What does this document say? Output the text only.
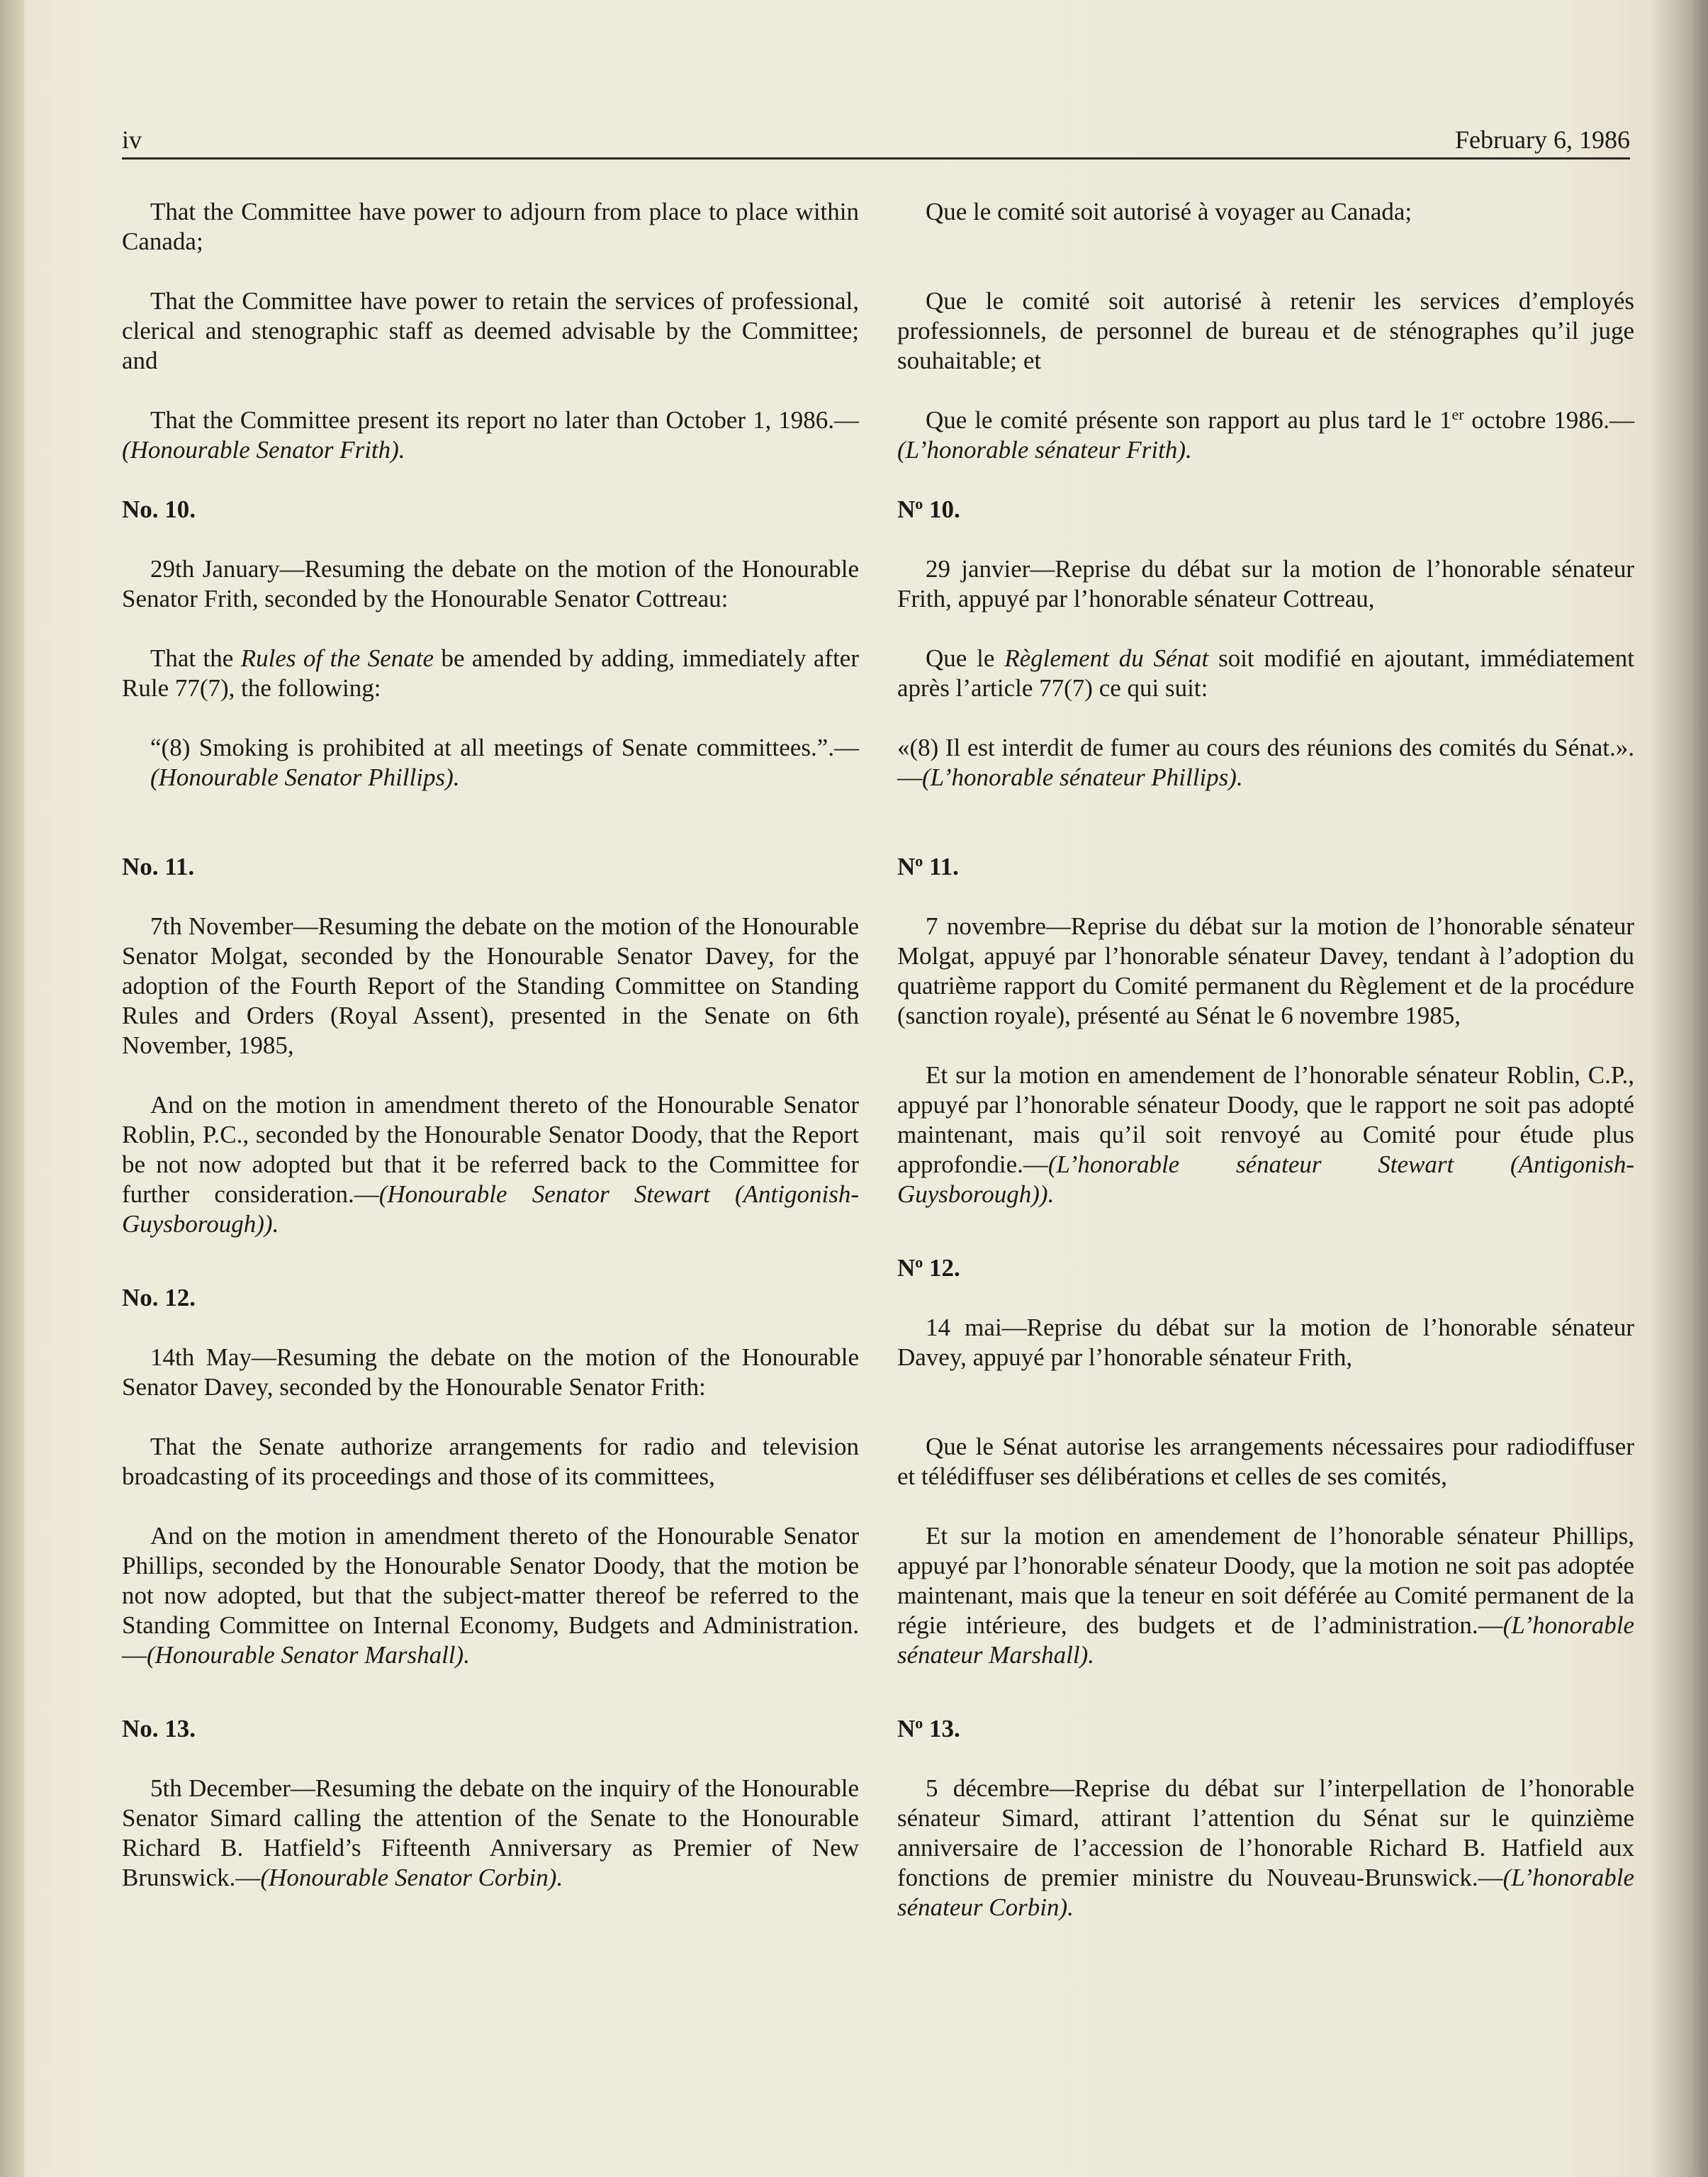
iv	February 6, 1986

That the Committee have power to adjourn from place to place within Canada;

That the Committee have power to retain the services of professional, clerical and stenographic staff as deemed advisable by the Committee; and

That the Committee present its report no later than October 1, 1986.—(Honourable Senator Frith).

No. 10.

29th January—Resuming the debate on the motion of the Honourable Senator Frith, seconded by the Honourable Senator Cottreau:

That the Rules of the Senate be amended by adding, immediately after Rule 77(7), the following:

“(8) Smoking is prohibited at all meetings of Senate committees.”.—(Honourable Senator Phillips).

No. 11.

7th November—Resuming the debate on the motion of the Honourable Senator Molgat, seconded by the Honourable Senator Davey, for the adoption of the Fourth Report of the Standing Committee on Standing Rules and Orders (Royal Assent), presented in the Senate on 6th November, 1985,

And on the motion in amendment thereto of the Honourable Senator Roblin, P.C., seconded by the Honourable Senator Doody, that the Report be not now adopted but that it be referred back to the Committee for further consideration.—(Honourable Senator Stewart (Antigonish-Guysborough)).

No. 12.

14th May—Resuming the debate on the motion of the Honourable Senator Davey, seconded by the Honourable Senator Frith:

That the Senate authorize arrangements for radio and television broadcasting of its proceedings and those of its committees,

And on the motion in amendment thereto of the Honourable Senator Phillips, seconded by the Honourable Senator Doody, that the motion be not now adopted, but that the subject-matter thereof be referred to the Standing Committee on Internal Economy, Budgets and Administration.—(Honourable Senator Marshall).

No. 13.

5th December—Resuming the debate on the inquiry of the Honourable Senator Simard calling the attention of the Senate to the Honourable Richard B. Hatfield’s Fifteenth Anniversary as Premier of New Brunswick.—(Honourable Senator Corbin).

Que le comité soit autorisé à voyager au Canada;

Que le comité soit autorisé à retenir les services d’employés professionnels, de personnel de bureau et de sténographes qu’il juge souhaitable; et

Que le comité présente son rapport au plus tard le 1er octobre 1986.—(L’honorable sénateur Frith).

$N^o$ 10.

29 janvier—Reprise du débat sur la motion de l’honorable sénateur Frith, appuyé par l’honorable sénateur Cottreau,

Que le Règlement du Sénat soit modifié en ajoutant, immédiatement après l’article 77(7) ce qui suit:

«(8) Il est interdit de fumer au cours des réunions des comités du Sénat.».—(L’honorable sénateur Phillips).

$N^o$ 11.

7 novembre—Reprise du débat sur la motion de l’honorable sénateur Molgat, appuyé par l’honorable sénateur Davey, tendant à l’adoption du quatrième rapport du Comité permanent du Règlement et de la procédure (sanction royale), présenté au Sénat le 6 novembre 1985,

Et sur la motion en amendement de l’honorable sénateur Roblin, C.P., appuyé par l’honorable sénateur Doody, que le rapport ne soit pas adopté maintenant, mais qu’il soit renvoyé au Comité pour étude plus approfondie.—(L’honorable sénateur Stewart (Antigonish-Guysborough)).

$N^o$ 12.

14 mai—Reprise du débat sur la motion de l’honorable sénateur Davey, appuyé par l’honorable sénateur Frith,

Que le Sénat autorise les arrangements nécessaires pour radiodiffuser et télédiffuser ses délibérations et celles de ses comités,

Et sur la motion en amendement de l’honorable sénateur Phillips, appuyé par l’honorable sénateur Doody, que la motion ne soit pas adoptée maintenant, mais que la teneur en soit déférée au Comité permanent de la régie intérieure, des budgets et de l’administration.—(L’honorable sénateur Marshall).

$N^o$ 13.

5 décembre—Reprise du débat sur l’interpellation de l’honorable sénateur Simard, attirant l’attention du Sénat sur le quinzième anniversaire de l’accession de l’honorable Richard B. Hatfield aux fonctions de premier ministre du Nouveau-Brunswick.—(L’honorable sénateur Corbin).
